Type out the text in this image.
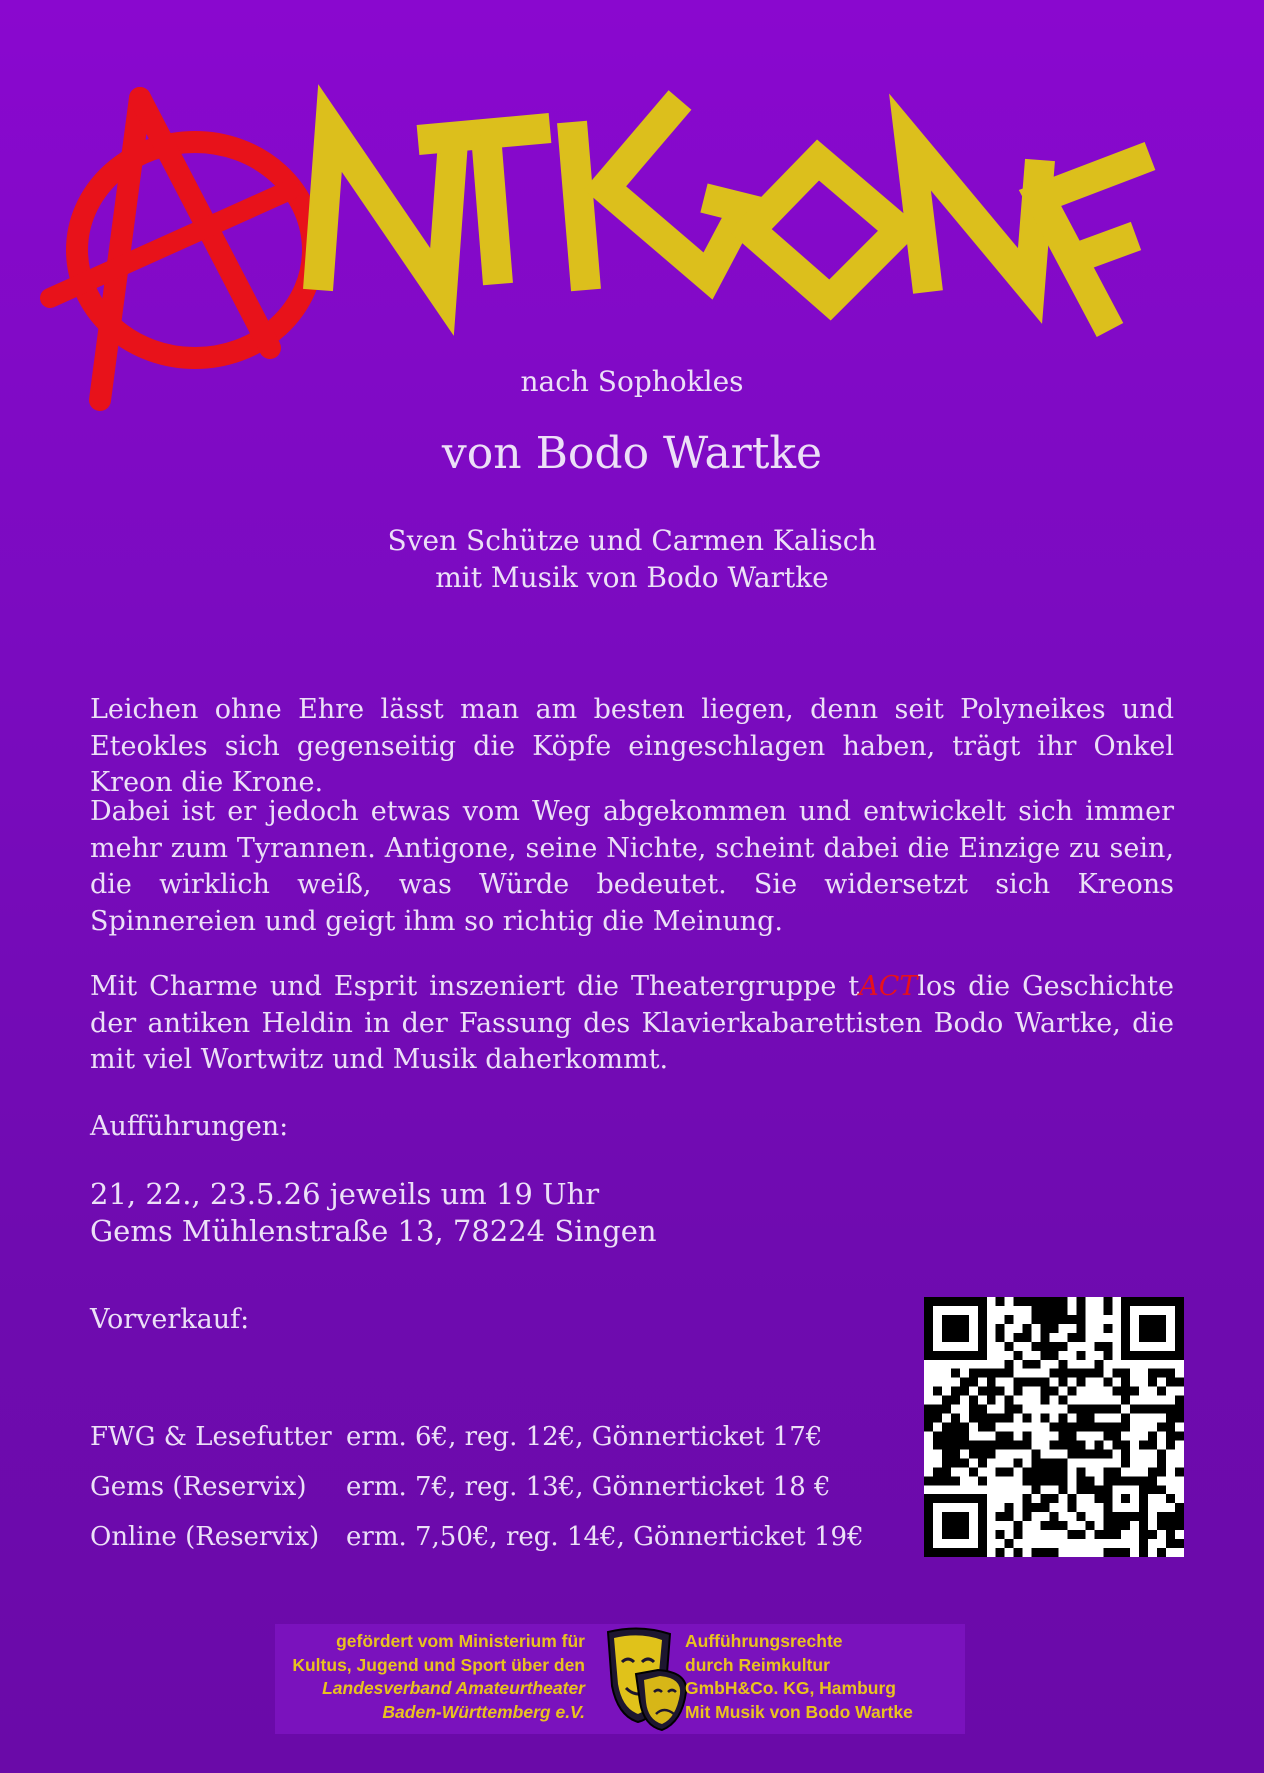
nach Sophokles
von Bodo Wartke
Sven Schütze und Carmen Kalisch
mit Musik von Bodo Wartke

Leichen ohne Ehre lässt man am besten liegen, denn seit Polyneikes und Eteokles sich gegenseitig die Köpfe eingeschlagen haben, trägt ihr Onkel Kreon die Krone.

Dabei ist er jedoch etwas vom Weg abgekommen und entwickelt sich immer mehr zum Tyrannen. Antigone, seine Nichte, scheint dabei die Einzige zu sein, die wirklich weiß, was Würde bedeutet. Sie widersetzt sich Kreons Spinnereien und geigt ihm so richtig die Meinung.

Mit Charme und Esprit inszeniert die Theatergruppe tACTlos die Geschichte der antiken Heldin in der Fassung des Klavierkabarettisten Bodo Wartke, die mit viel Wortwitz und Musik daherkommt.

Aufführungen:
21, 22., 23.5.26 jeweils um 19 Uhr
Gems Mühlenstraße 13, 78224 Singen
Vorverkauf:
FWG & Lesefutter erm. 6€, reg. 12€, Gönnerticket 17€
Gems (Reservix)	erm. 7€, reg. 13€, Gönnerticket 18 €
Online (Reservix)	erm. 7,50€, reg. 14€, Gönnerticket 19€
gefördert vom Ministerium für
Kultus, Jugend und Sport über den
Landesverband Amateurtheater
Baden-Württemberg e.V.
Aufführungsrechte
durch Reimkultur
GmbH&Co. KG, Hamburg
Mit Musik von Bodo Wartke
